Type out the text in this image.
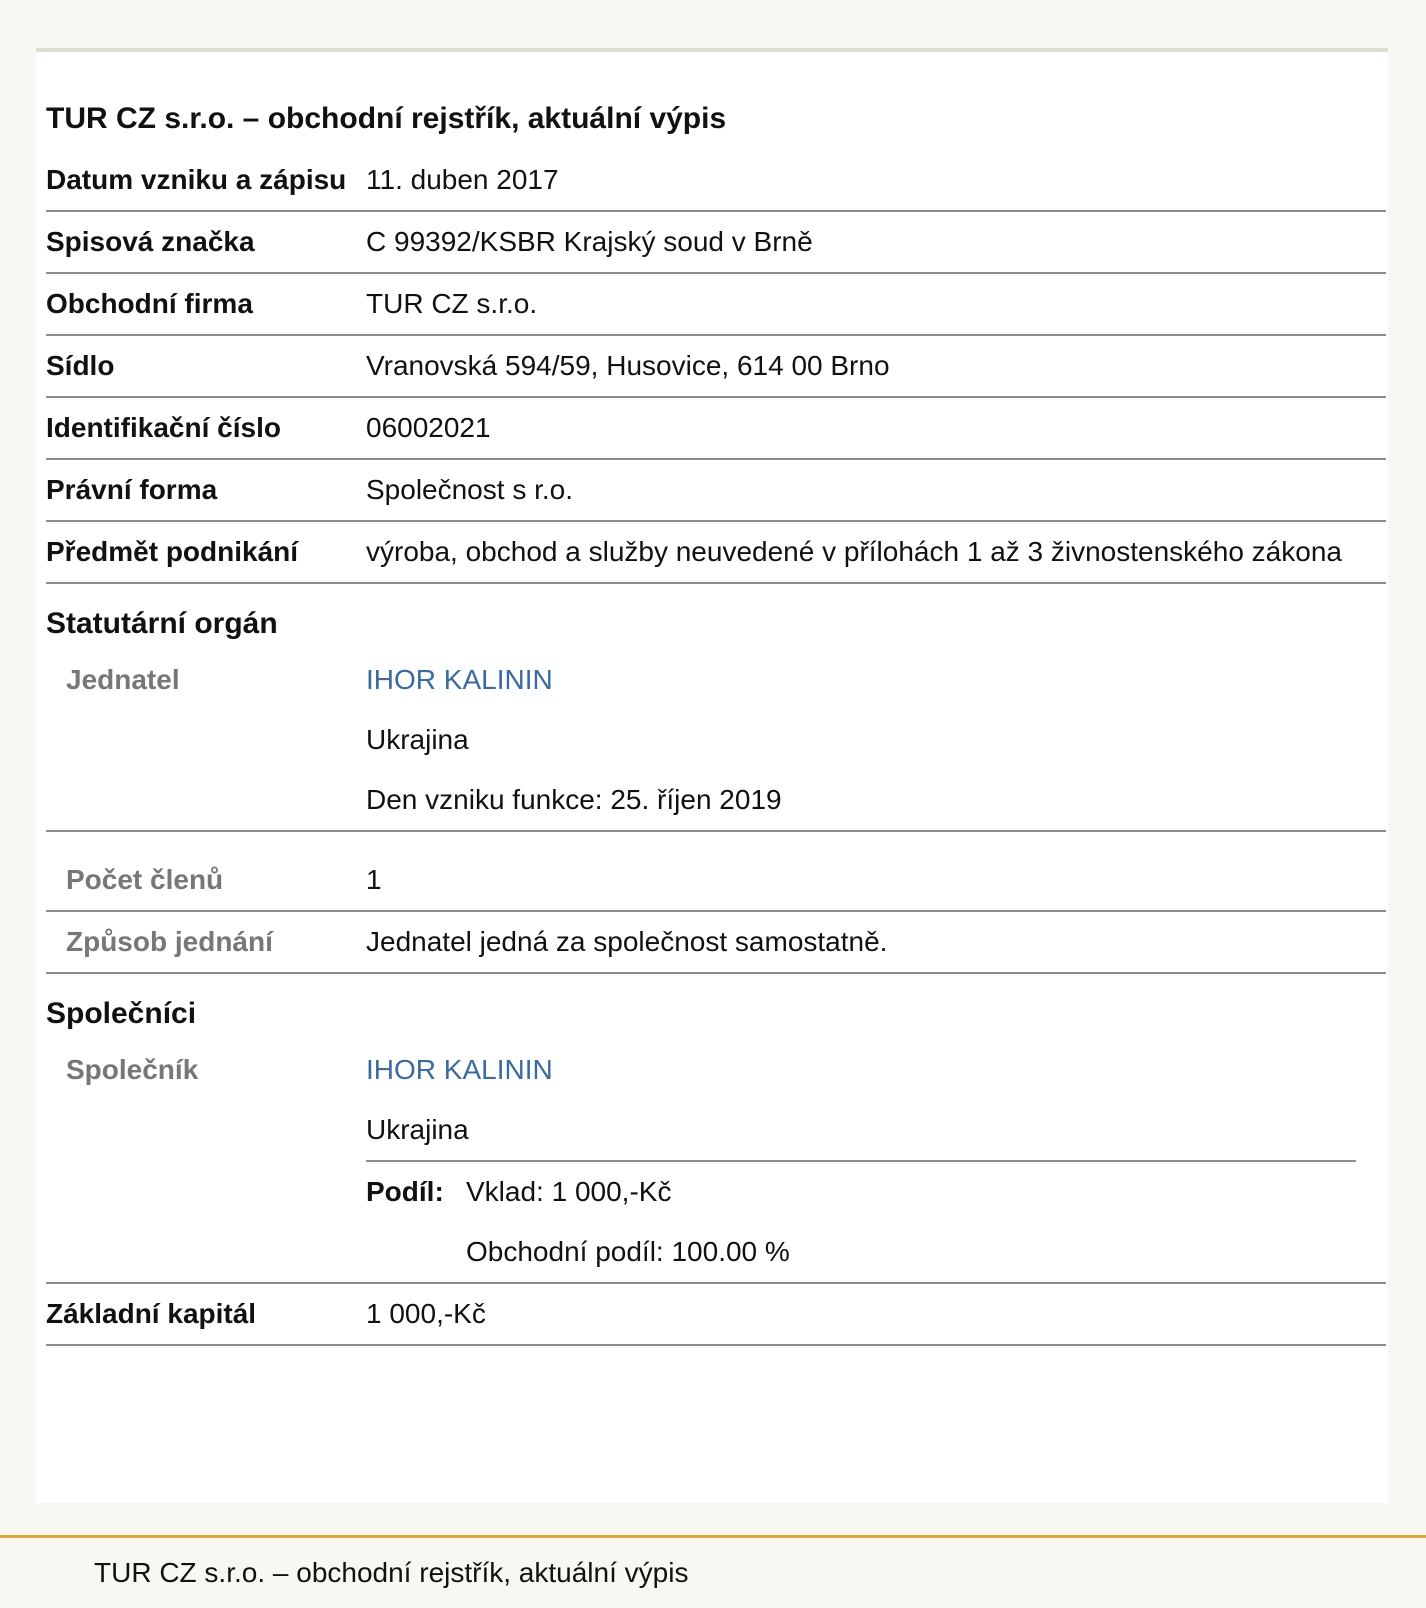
TUR CZ s.r.o. – obchodní rejstřík, aktuální výpis
Datum vzniku a zápisu 11. duben 2017
Spisová značka	C 99392/KSBR Krajský soud v Brně
Obchodní firma	TUR CZ s.r.o.
Sídlo	Vranovská 594/59, Husovice, 614 00 Brno
Identifikační číslo	06002021
Právní forma	Společnost s r.o.
Předmět podnikání	výroba, obchod a služby neuvedené v přílohách 1 až 3 živnostenského zákona
Statutární orgán
Jednatel	IHOR KALININ
Ukrajina
Den vzniku funkce: 25. říjen 2019
Počet členů	1
Způsob jednání	Jednatel jedná za společnost samostatně.
Společníci
Společník	IHOR KALININ
Ukrajina
Podíl: Vklad: 1 000,-Kč
Obchodní podíl: 100.00 %
Základní kapitál	1 000,-Kč
TUR CZ s.r.o. – obchodní rejstřík, aktuální výpis
